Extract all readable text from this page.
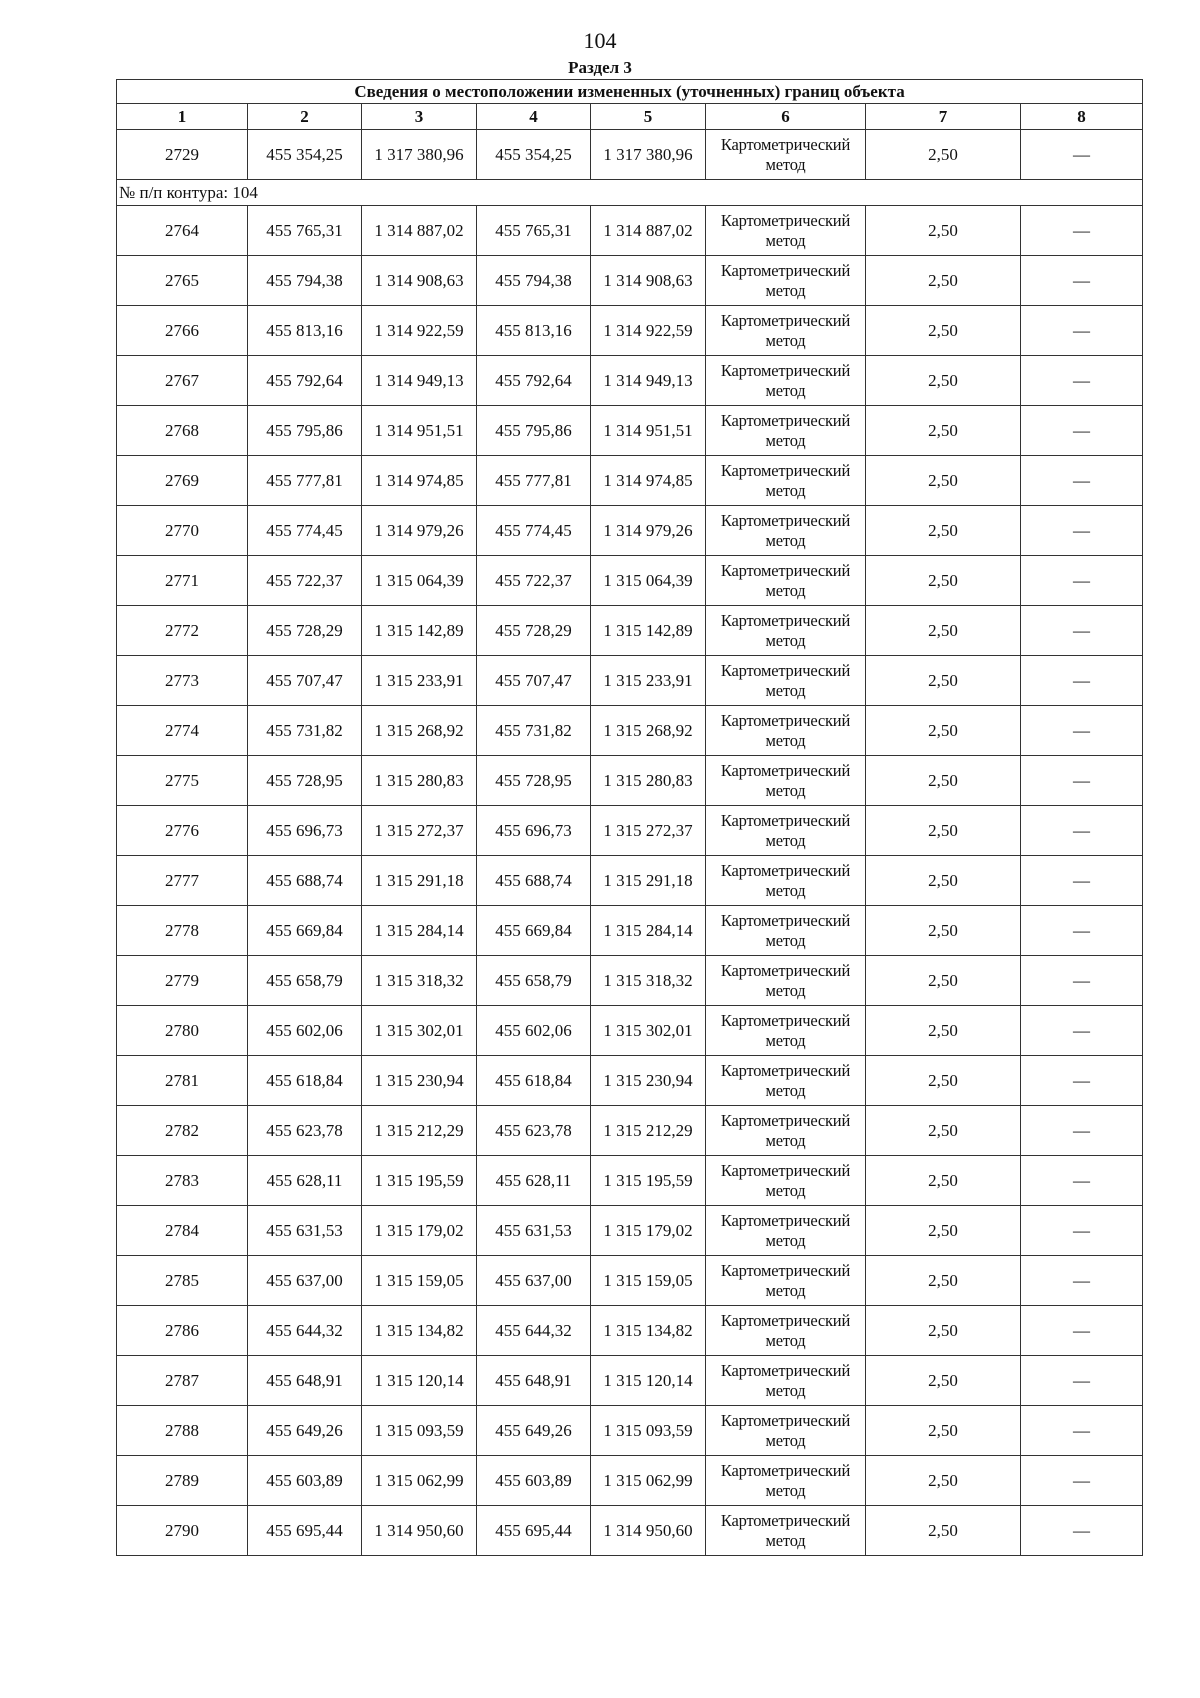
104
Раздел 3
Сведения о местоположении измененных (уточненных) границ объекта							
1	2	3	4	5	6	7	8
2729	455 354,25	1 317 380,96	455 354,25	1 317 380,96	Картометрический метод	2,50	—
№ п/п контура: 104							
2764	455 765,31	1 314 887,02	455 765,31	1 314 887,02	Картометрический метод	2,50	—
2765	455 794,38	1 314 908,63	455 794,38	1 314 908,63	Картометрический метод	2,50	—
2766	455 813,16	1 314 922,59	455 813,16	1 314 922,59	Картометрический метод	2,50	—
2767	455 792,64	1 314 949,13	455 792,64	1 314 949,13	Картометрический метод	2,50	—
2768	455 795,86	1 314 951,51	455 795,86	1 314 951,51	Картометрический метод	2,50	—
2769	455 777,81	1 314 974,85	455 777,81	1 314 974,85	Картометрический метод	2,50	—
2770	455 774,45	1 314 979,26	455 774,45	1 314 979,26	Картометрический метод	2,50	—
2771	455 722,37	1 315 064,39	455 722,37	1 315 064,39	Картометрический метод	2,50	—
2772	455 728,29	1 315 142,89	455 728,29	1 315 142,89	Картометрический метод	2,50	—
2773	455 707,47	1 315 233,91	455 707,47	1 315 233,91	Картометрический метод	2,50	—
2774	455 731,82	1 315 268,92	455 731,82	1 315 268,92	Картометрический метод	2,50	—
2775	455 728,95	1 315 280,83	455 728,95	1 315 280,83	Картометрический метод	2,50	—
2776	455 696,73	1 315 272,37	455 696,73	1 315 272,37	Картометрический метод	2,50	—
2777	455 688,74	1 315 291,18	455 688,74	1 315 291,18	Картометрический метод	2,50	—
2778	455 669,84	1 315 284,14	455 669,84	1 315 284,14	Картометрический метод	2,50	—
2779	455 658,79	1 315 318,32	455 658,79	1 315 318,32	Картометрический метод	2,50	—
2780	455 602,06	1 315 302,01	455 602,06	1 315 302,01	Картометрический метод	2,50	—
2781	455 618,84	1 315 230,94	455 618,84	1 315 230,94	Картометрический метод	2,50	—
2782	455 623,78	1 315 212,29	455 623,78	1 315 212,29	Картометрический метод	2,50	—
2783	455 628,11	1 315 195,59	455 628,11	1 315 195,59	Картометрический метод	2,50	—
2784	455 631,53	1 315 179,02	455 631,53	1 315 179,02	Картометрический метод	2,50	—
2785	455 637,00	1 315 159,05	455 637,00	1 315 159,05	Картометрический метод	2,50	—
2786	455 644,32	1 315 134,82	455 644,32	1 315 134,82	Картометрический метод	2,50	—
2787	455 648,91	1 315 120,14	455 648,91	1 315 120,14	Картометрический метод	2,50	—
2788	455 649,26	1 315 093,59	455 649,26	1 315 093,59	Картометрический метод	2,50	—
2789	455 603,89	1 315 062,99	455 603,89	1 315 062,99	Картометрический метод	2,50	—
2790	455 695,44	1 314 950,60	455 695,44	1 314 950,60	Картометрический метод	2,50	—
